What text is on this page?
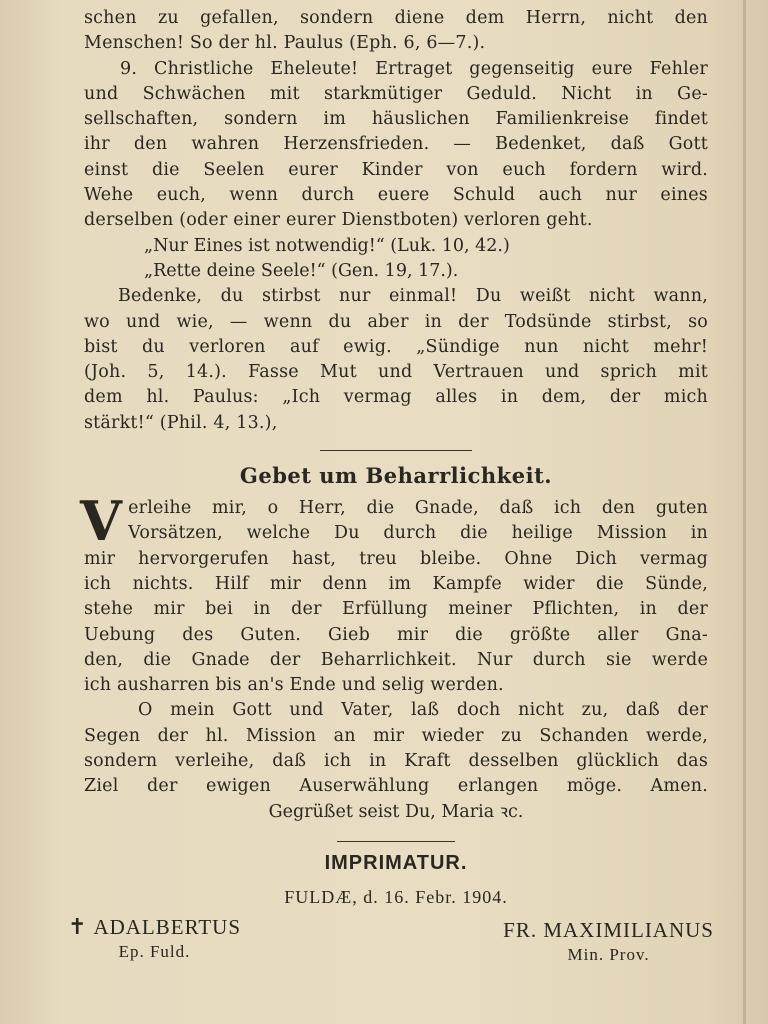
schen zu gefallen, sondern diene dem Herrn, nicht den
Menschen! So der hl. Paulus (Eph. 6, 6—7.).
9. Christliche Eheleute! Ertraget gegenseitig eure Fehler
und Schwächen mit starkmütiger Geduld. Nicht in Ge-
sellschaften, sondern im häuslichen Familienkreise findet
ihr den wahren Herzensfrieden. — Bedenket, daß Gott
einst die Seelen eurer Kinder von euch fordern wird.
Wehe euch, wenn durch euere Schuld auch nur eines
derselben (oder einer eurer Dienstboten) verloren geht.

„Nur Eines ist notwendig!“ (Luk. 10, 42.)

„Rette deine Seele!“ (Gen. 19, 17.).

Bedenke, du stirbst nur einmal! Du weißt nicht wann,
wo und wie, — wenn du aber in der Todsünde stirbst, so
bist du verloren auf ewig. „Sündige nun nicht mehr!
(Joh. 5, 14.). Fasse Mut und Vertrauen und sprich mit
dem hl. Paulus: „Ich vermag alles in dem, der mich
stärkt!“ (Phil. 4, 13.),
Gebet um Beharrlichkeit.
V erleihe mir, o Herr, die Gnade, daß ich den guten
Vorsätzen, welche Du durch die heilige Mission in
mir hervorgerufen hast, treu bleibe. Ohne Dich vermag
ich nichts. Hilf mir denn im Kampfe wider die Sünde,
stehe mir bei in der Erfüllung meiner Pflichten, in der
Uebung des Guten. Gieb mir die größte aller Gna-
den, die Gnade der Beharrlichkeit. Nur durch sie werde
ich ausharren bis an's Ende und selig werden.
O mein Gott und Vater, laß doch nicht zu, daß der
Segen der hl. Mission an mir wieder zu Schanden werde,
sondern verleihe, daß ich in Kraft desselben glücklich das
Ziel der ewigen Auserwählung erlangen möge. Amen.

Gegrüßet seist Du, Maria ꝛc.

IMPRIMATUR.
FULDÆ, d. 16. Febr. 1904.
✝ ADALBERTUS
Ep. Fuld.
FR. MAXIMILIANUS
Min. Prov.
